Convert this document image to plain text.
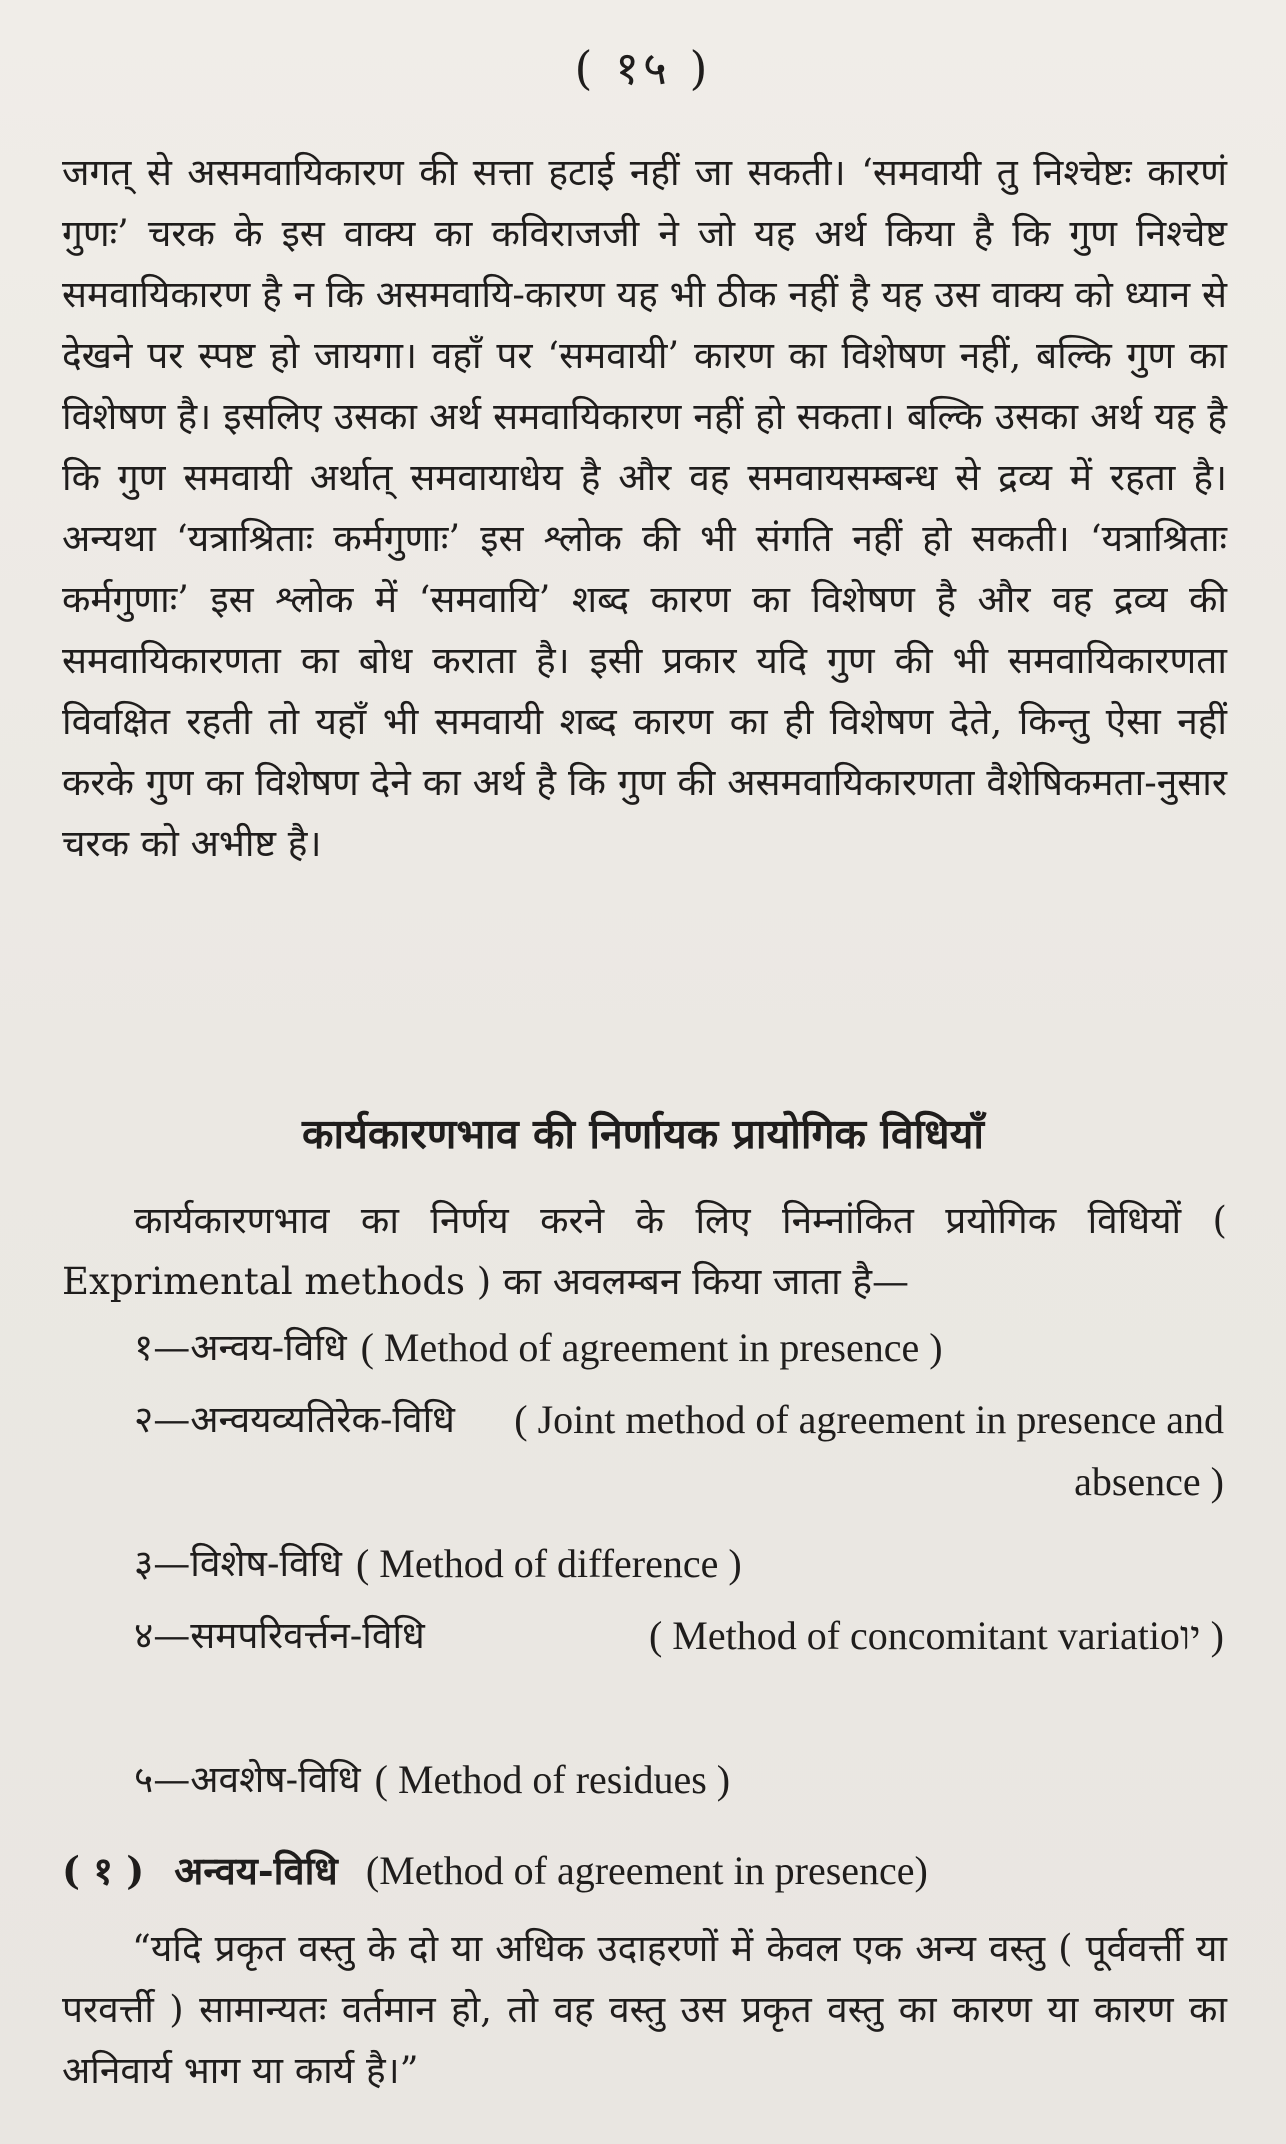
( १५ )

जगत् से असमवायिकारण की सत्ता हटाई नहीं जा सकती। ‘समवायी तु निश्चेष्टः कारणं गुणः’ चरक के इस वाक्य का कविराजजी ने जो यह अर्थ किया है कि गुण निश्चेष्ट समवायिकारण है न कि असमवायि-कारण यह भी ठीक नहीं है यह उस वाक्य को ध्यान से देखने पर स्पष्ट हो जायगा। वहाँ पर ‘समवायी’ कारण का विशेषण नहीं, बल्कि गुण का विशेषण है। इसलिए उसका अर्थ समवायिकारण नहीं हो सकता। बल्कि उसका अर्थ यह है कि गुण समवायी अर्थात् समवायाधेय है और वह समवायसम्बन्ध से द्रव्य में रहता है। अन्यथा ‘यत्राश्रिताः कर्मगुणाः’ इस श्लोक की भी संगति नहीं हो सकती। ‘यत्राश्रिताः कर्मगुणाः’ इस श्लोक में ‘समवायि’ शब्द कारण का विशेषण है और वह द्रव्य की समवायिकारणता का बोध कराता है। इसी प्रकार यदि गुण की भी समवायिकारणता विवक्षित रहती तो यहाँ भी समवायी शब्द कारण का ही विशेषण देते, किन्तु ऐसा नहीं करके गुण का विशेषण देने का अर्थ है कि गुण की असमवायिकारणता वैशेषिकमता-नुसार चरक को अभीष्ट है।

कार्यकारणभाव की निर्णायक प्रायोगिक विधियाँ

कार्यकारणभाव का निर्णय करने के लिए निम्नांकित प्रयोगिक विधियों ( Exprimental methods ) का अवलम्बन किया जाता है—

१—अन्वय-विधि ( Method of agreement in presence )
२—अन्वयव्यतिरेक-विधि	( Joint method of agreement in presence and absence )
३—विशेष-विधि ( Method of difference )
४—समपरिवर्त्तन-विधि	( Method of concomitant variatioיו )
५—अवशेष-विधि ( Method of residues )
( १ ) अन्वय-विधि (Method of agreement in presence)

“यदि प्रकृत वस्तु के दो या अधिक उदाहरणों में केवल एक अन्य वस्तु ( पूर्ववर्त्ती या परवर्त्ती ) सामान्यतः वर्तमान हो, तो वह वस्तु उस प्रकृत वस्तु का कारण या कारण का अनिवार्य भाग या कार्य है।”
